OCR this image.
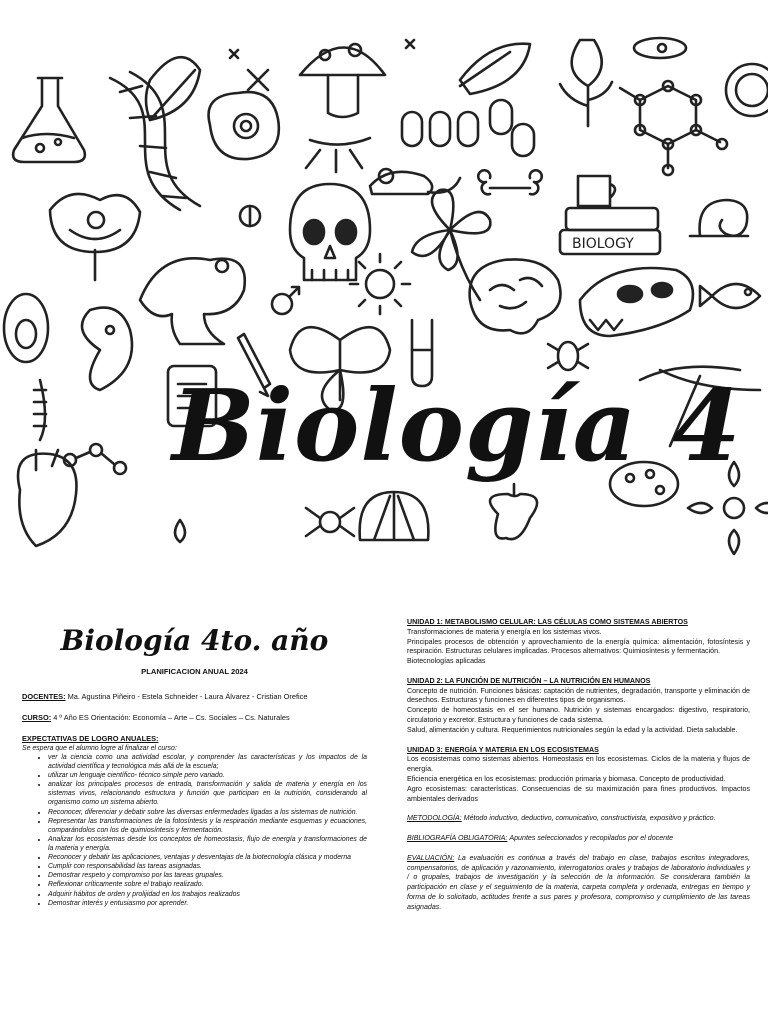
BIOLOGY
Biología 4
Biología 4to. año
PLANIFICACION ANUAL 2024
DOCENTES: Ma. Agustina Piñeiro - Estela Schneider - Laura Álvarez - Cristian Orefice
CURSO: 4 º Año ES Orientación: Economía – Arte – Cs. Sociales – Cs. Naturales

EXPECTATIVAS DE LOGRO ANUALES:

Se espera que el alumno logre al finalizar el curso:

• ver la ciencia como una actividad escolar, y comprender las características y los impactos de la actividad científica y tecnológica más allá de la escuela;
• utilizar un lenguaje científico- técnico simple pero variado.
• analizar los principales procesos de entrada, transformación y salida de materia y energía en los sistemas vivos, relacionando estructura y función que participan en la nutrición, considerando al organismo como un sistema abierto.
• Reconocer, diferenciar y debatir sobre las diversas enfermedades ligadas a los sistemas de nutrición.
• Representar las transformaciones de la fotosíntesis y la respiración mediante esquemas y ecuaciones, comparándolos con los de quimiosíntesis y fermentación.
• Analizar los ecosistemas desde los conceptos de homeostasis, flujo de energía y transformaciones de la materia y energía.
• Reconocer y debatir las aplicaciones, ventajas y desventajas de la biotecnología clásica y moderna
• Cumplir con responsabilidad las tareas asignadas.
• Demostrar respeto y compromiso por las tareas grupales.
• Reflexionar críticamente sobre el trabajo realizado.
• Adquirir hábitos de orden y prolijidad en los trabajos realizados
• Demostrar interés y entusiasmo por aprender.

UNIDAD 1: METABOLISMO CELULAR: LAS CÉLULAS COMO SISTEMAS ABIERTOS

Transformaciones de materia y energía en los sistemas vivos.

Principales procesos de obtención y aprovechamiento de la energía química: alimentación, fotosíntesis y respiración. Estructuras celulares implicadas. Procesos alternativos: Quimiosíntesis y fermentación.

Biotecnologías aplicadas

UNIDAD 2: LA FUNCIÓN DE NUTRICIÓN – LA NUTRICIÓN EN HUMANOS

Concepto de nutrición. Funciones básicas: captación de nutrientes, degradación, transporte y eliminación de desechos. Estructuras y funciones en diferentes tipos de organismos.

Concepto de homeostasis en el ser humano. Nutrición y sistemas encargados: digestivo, respiratorio, circulatorio y excretor. Estructura y funciones de cada sistema.

Salud, alimentación y cultura. Requerimientos nutricionales según la edad y la actividad. Dieta saludable.

UNIDAD 3: ENERGÍA Y MATERIA EN LOS ECOSISTEMAS

Los ecosistemas como sistemas abiertos. Homeostasis en los ecosistemas. Ciclos de la materia y flujos de energía.

Eficiencia energética en los ecosistemas: producción primaria y biomasa. Concepto de productividad.

Agro ecosistemas: características. Consecuencias de su maximización para fines productivos. Impactos ambientales derivados

METODOLOGÍA: Método inductivo, deductivo, comunicativo, constructivista, expositivo y práctico.

BIBLIOGRAFÍA OBLIGATORIA: Apuntes seleccionados y recopilados por el docente

EVALUACIÓN: La evaluación es continua a través del trabajo en clase, trabajos escritos integradores, compensatorios, de aplicación y razonamiento, interrogatorios orales y trabajos de laboratorio individuales y / o grupales, trabajos de investigación y la selección de la información. Se considerara también la participación en clase y el seguimiento de la materia, carpeta completa y ordenada, entregas en tiempo y forma de lo solicitado, actitudes frente a sus pares y profesora, compromiso y cumplimiento de las tareas asignadas.
